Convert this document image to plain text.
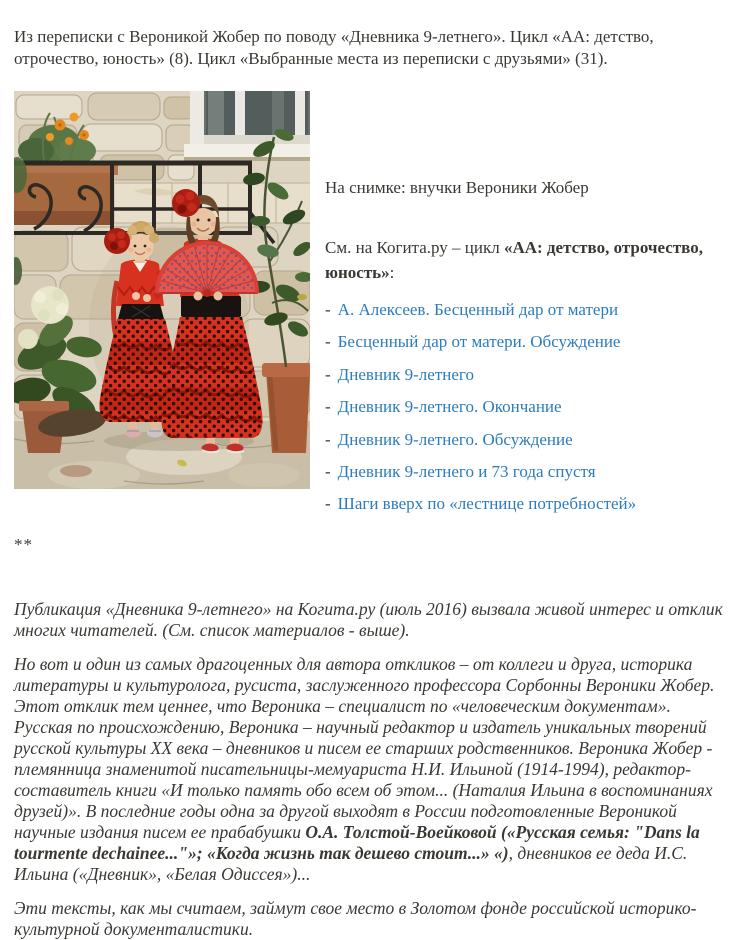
Из переписки с Вероникой Жобер по поводу «Дневника 9-летнего». Цикл «АА: детство, отрочество, юность» (8). Цикл «Выбранные места из переписки с друзьями» (31).

На снимке: внучки Вероники Жобер

См. на Когита.ру – цикл «АА: детство, отрочество, юность»:

- А. Алексеев. Бесценный дар от матери

- Бесценный дар от матери. Обсуждение

- Дневник 9-летнего

- Дневник 9-летнего. Окончание

- Дневник 9-летнего. Обсуждение

- Дневник 9-летнего и 73 года спустя

- Шаги вверх по «лестнице потребностей»

**

Публикация «Дневника 9-летнего» на Когита.ру (июль 2016) вызвала живой интерес и отклик многих читателей. (См. список материалов - выше).

Но вот и один из самых драгоценных для автора откликов – от коллеги и друга, историка литературы и культуролога, русиста, заслуженного профессора Сорбонны Вероники Жобер. Этот отклик тем ценнее, что Вероника – специалист по «человеческим документам». Русская по происхождению, Вероника – научный редактор и издатель уникальных творений русской культуры XX века – дневников и писем ее старших родственников. Вероника Жобер - племянница знаменитой писательницы-мемуариста Н.И. Ильиной (1914-1994), редактор-составитель книги «И только память обо всем об этом... (Наталия Ильина в воспоминаниях друзей)». В последние годы одна за другой выходят в России подготовленные Вероникой научные издания писем ее прабабушки О.А. Толстой-Воейковой («Русская семья: "Dans la tourmente dechainee..."»; «Когда жизнь так дешево стоит...» «), дневников ее деда И.С. Ильина («Дневник», «Белая Одиссея»)...

Эти тексты, как мы считаем, займут свое место в Золотом фонде российской историко-культурной документалистики.
